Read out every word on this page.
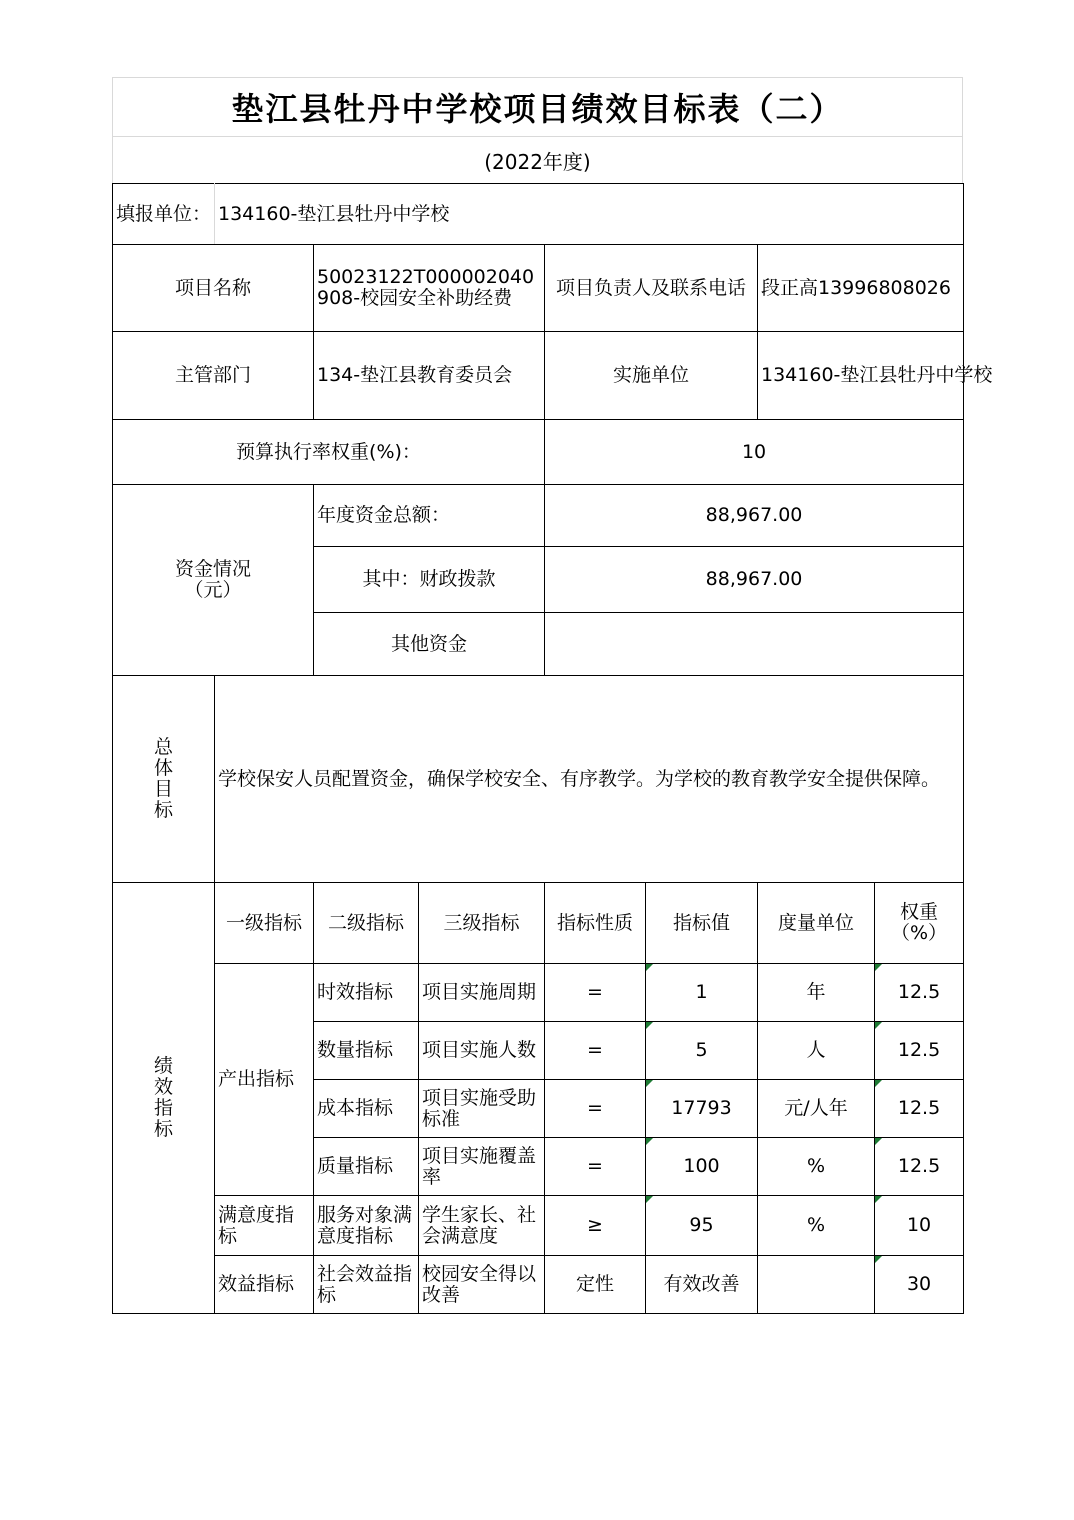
垫江县牡丹中学校项目绩效目标表（二）
(2022年度)
填报单位：	134160-垫江县牡丹中学校						
项目名称		50023122T000002040908-校园安全补助经费		项目负责人及联系电话		段正高13996808026	
主管部门		134-垫江县教育委员会		实施单位		134160-垫江县牡丹中学校	
预算执行率权重(%)：				10			
资金情况（元）		年度资金总额：		88,967.00			
		其中：财政拨款		88,967.00			
		其他资金					

总
体
目
标	学校保安人员配置资金，确保学校安全、有序教学。为学校的教育教学安全提供保障。						

绩
效
指
标	一级指标	二级指标	三级指标	指标性质	指标值	度量单位	权重（%）
	产出指标	时效指标	项目实施周期	=	1	年	12.5
		数量指标	项目实施人数	=	5	人	12.5
		成本指标	项目实施受助标准	=	17793	元/人年	12.5
		质量指标	项目实施覆盖率	=	100	%	12.5
	满意度指标	服务对象满意度指标	学生家长、社会满意度	≥	95	%	10
	效益指标	社会效益指标	校园安全得以改善	定性	有效改善		30
